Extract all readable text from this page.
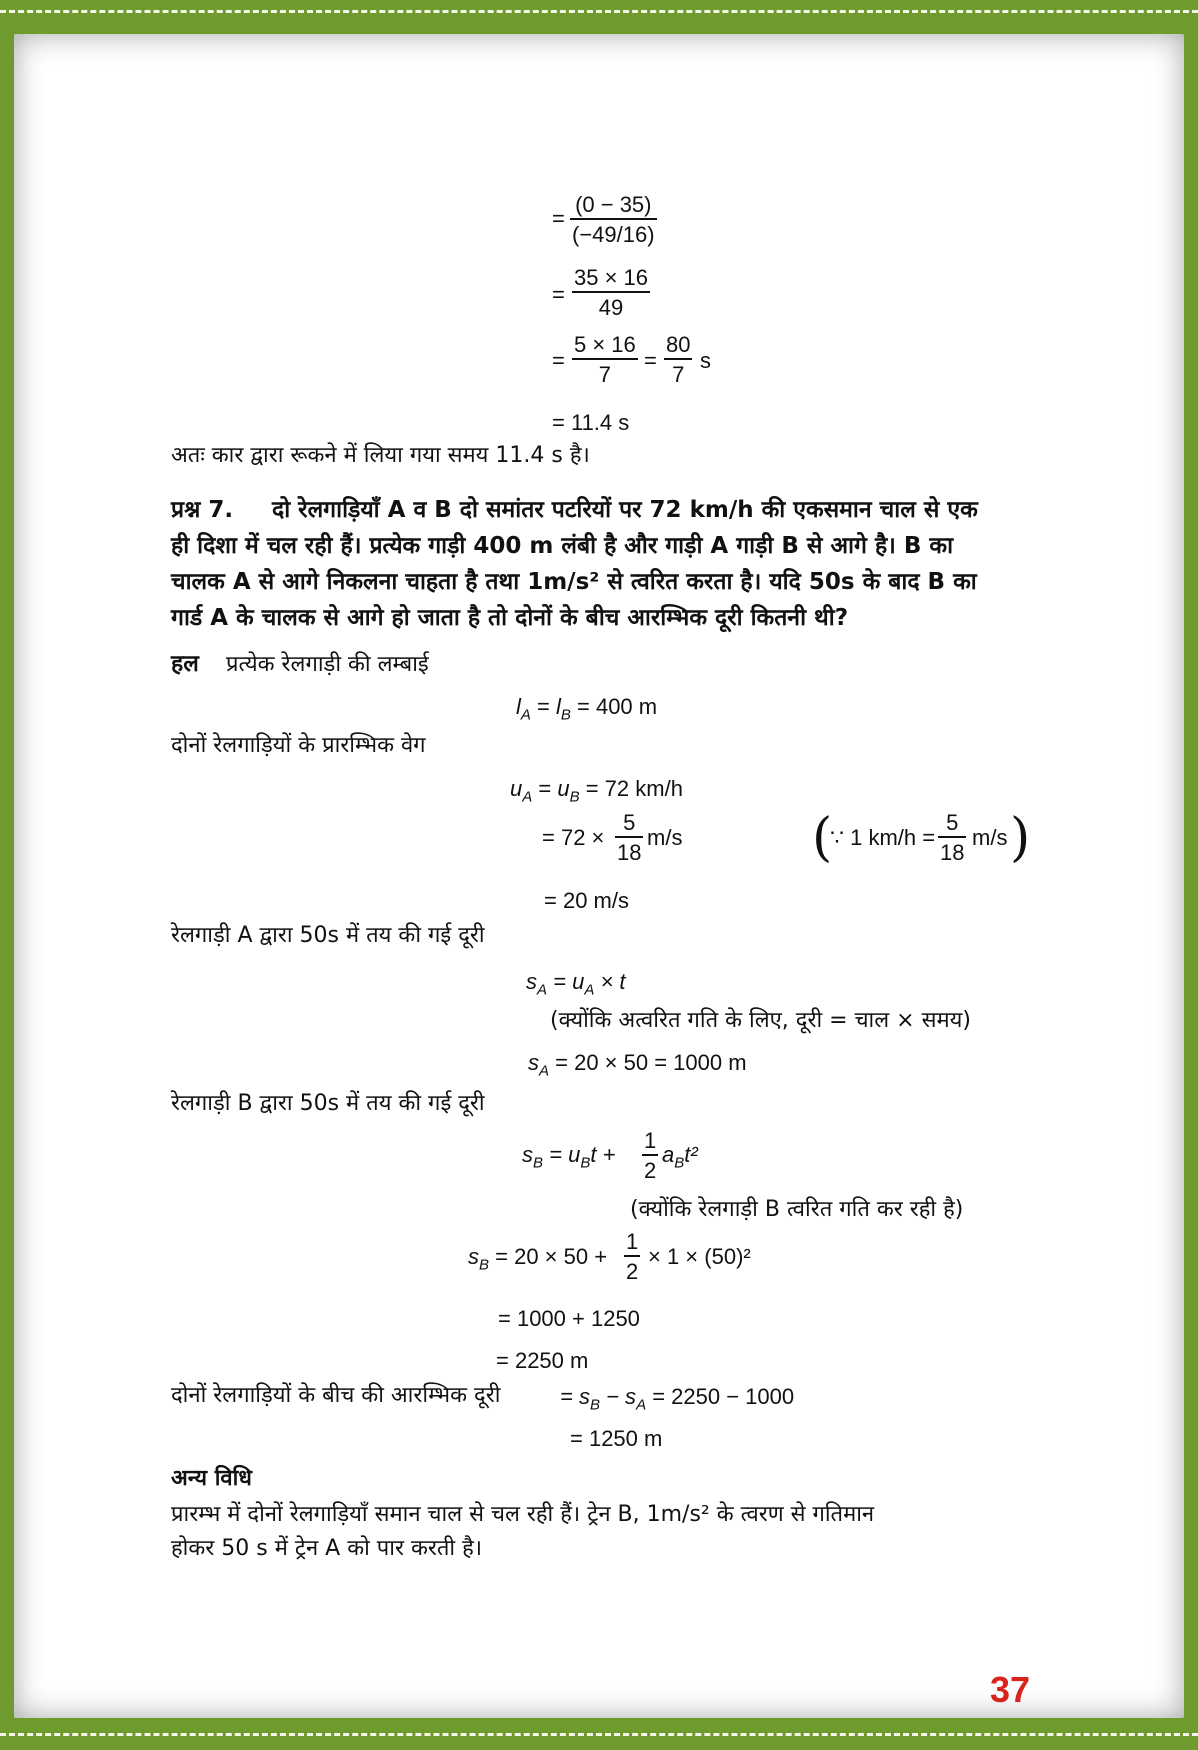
= $\frac{(0 - 35)}{(-49/16)}$
= $\frac{35 \times 16}{49}$
= $\frac{5 \times 16}{7} = \frac{80}{7}$ s
= 11.4 s
अतः कार द्वारा रूकने में लिया गया समय 11.4 s है।
प्रश्न 7. दो रेलगाड़ियाँ A व B दो समांतर पटरियों पर 72 km/h की एकसमान चाल से एक
ही दिशा में चल रही हैं। प्रत्येक गाड़ी 400 m लंबी है और गाड़ी A गाड़ी B से आगे है। B का
चालक A से आगे निकलना चाहता है तथा 1m/s² से त्वरित करता है। यदि 50s के बाद B का
गार्ड A के चालक से आगे हो जाता है तो दोनों के बीच आरम्भिक दूरी कितनी थी?
हल प्रत्येक रेलगाड़ी की लम्बाई
$l_A = l_B = 400$ m
दोनों रेलगाड़ियों के प्रारम्भिक वेग
$u_A = u_B = 72$ km/h
= $72 \times \frac{5}{18} m/s$ (
∵ 1 $km/h = \frac{5}{18} m/s$ )
= 20 m/s
रेलगाड़ी A द्वारा 50s में तय की गई दूरी
$s_A = u_A \times t$
(क्योंकि अत्वरित गति के लिए, दूरी = चाल × समय)
$s_A = 20 \times 50 = 1000$ m
रेलगाड़ी B द्वारा 50s में तय की गई दूरी
$s_B = u_Bt + \frac{1}{2} a_Bt^2$
(क्योंकि रेलगाड़ी B त्वरित गति कर रही है)
$s_B = 20 \times 50 + \frac{1}{2} \times 1 \times (50)^2$
= 1000 + 1250
= 2250 m
दोनों रेलगाड़ियों के बीच की आरम्भिक दूरी	= $s_B - s_A = 2250 - 1000$
= 1250 m
अन्य विधि
प्रारम्भ में दोनों रेलगाड़ियाँ समान चाल से चल रही हैं। ट्रेन B, 1m/s² के त्वरण से गतिमान
होकर 50 s में ट्रेन A को पार करती है।
37
